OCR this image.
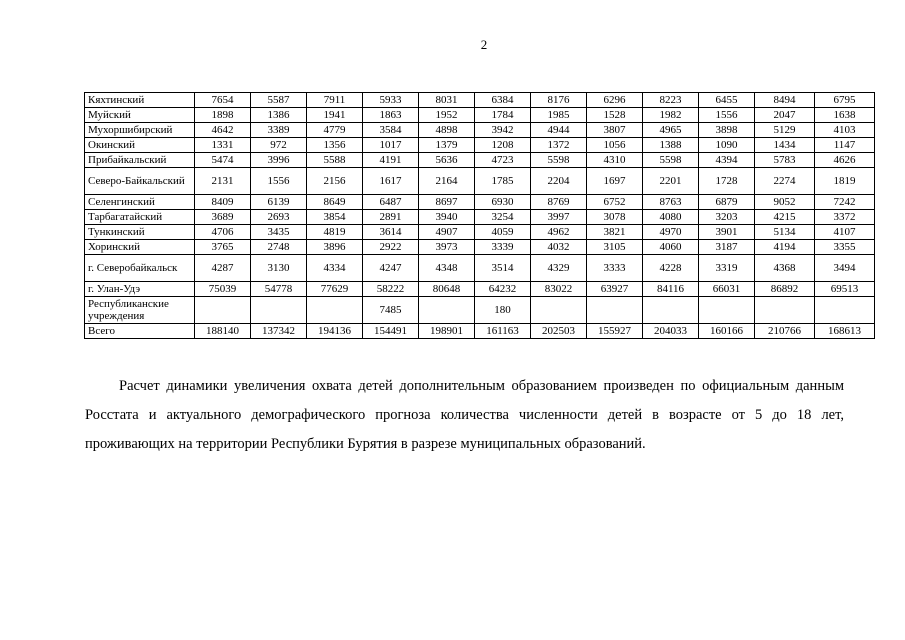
2
Кяхтинский	7654	5587	7911	5933	8031	6384	8176	6296	8223	6455	8494	6795
Муйский	1898	1386	1941	1863	1952	1784	1985	1528	1982	1556	2047	1638
Мухоршибирский	4642	3389	4779	3584	4898	3942	4944	3807	4965	3898	5129	4103
Окинский	1331	972	1356	1017	1379	1208	1372	1056	1388	1090	1434	1147
Прибайкальский	5474	3996	5588	4191	5636	4723	5598	4310	5598	4394	5783	4626
Северо-Байкальский	2131	1556	2156	1617	2164	1785	2204	1697	2201	1728	2274	1819
Селенгинский	8409	6139	8649	6487	8697	6930	8769	6752	8763	6879	9052	7242
Тарбагатайский	3689	2693	3854	2891	3940	3254	3997	3078	4080	3203	4215	3372
Тункинский	4706	3435	4819	3614	4907	4059	4962	3821	4970	3901	5134	4107
Хоринский	3765	2748	3896	2922	3973	3339	4032	3105	4060	3187	4194	3355
г. Северобайкальск	4287	3130	4334	4247	4348	3514	4329	3333	4228	3319	4368	3494
г. Улан-Удэ	75039	54778	77629	58222	80648	64232	83022	63927	84116	66031	86892	69513
Республиканские учреждения				7485		180						
Всего	188140	137342	194136	154491	198901	161163	202503	155927	204033	160166	210766	168613

Расчет динамики увеличения охвата детей дополнительным образованием произведен по официальным данным Росстата и актуального демографического прогноза количества численности детей в возрасте от 5 до 18 лет, проживающих на территории Республики Бурятия в разрезе муниципальных образований.
